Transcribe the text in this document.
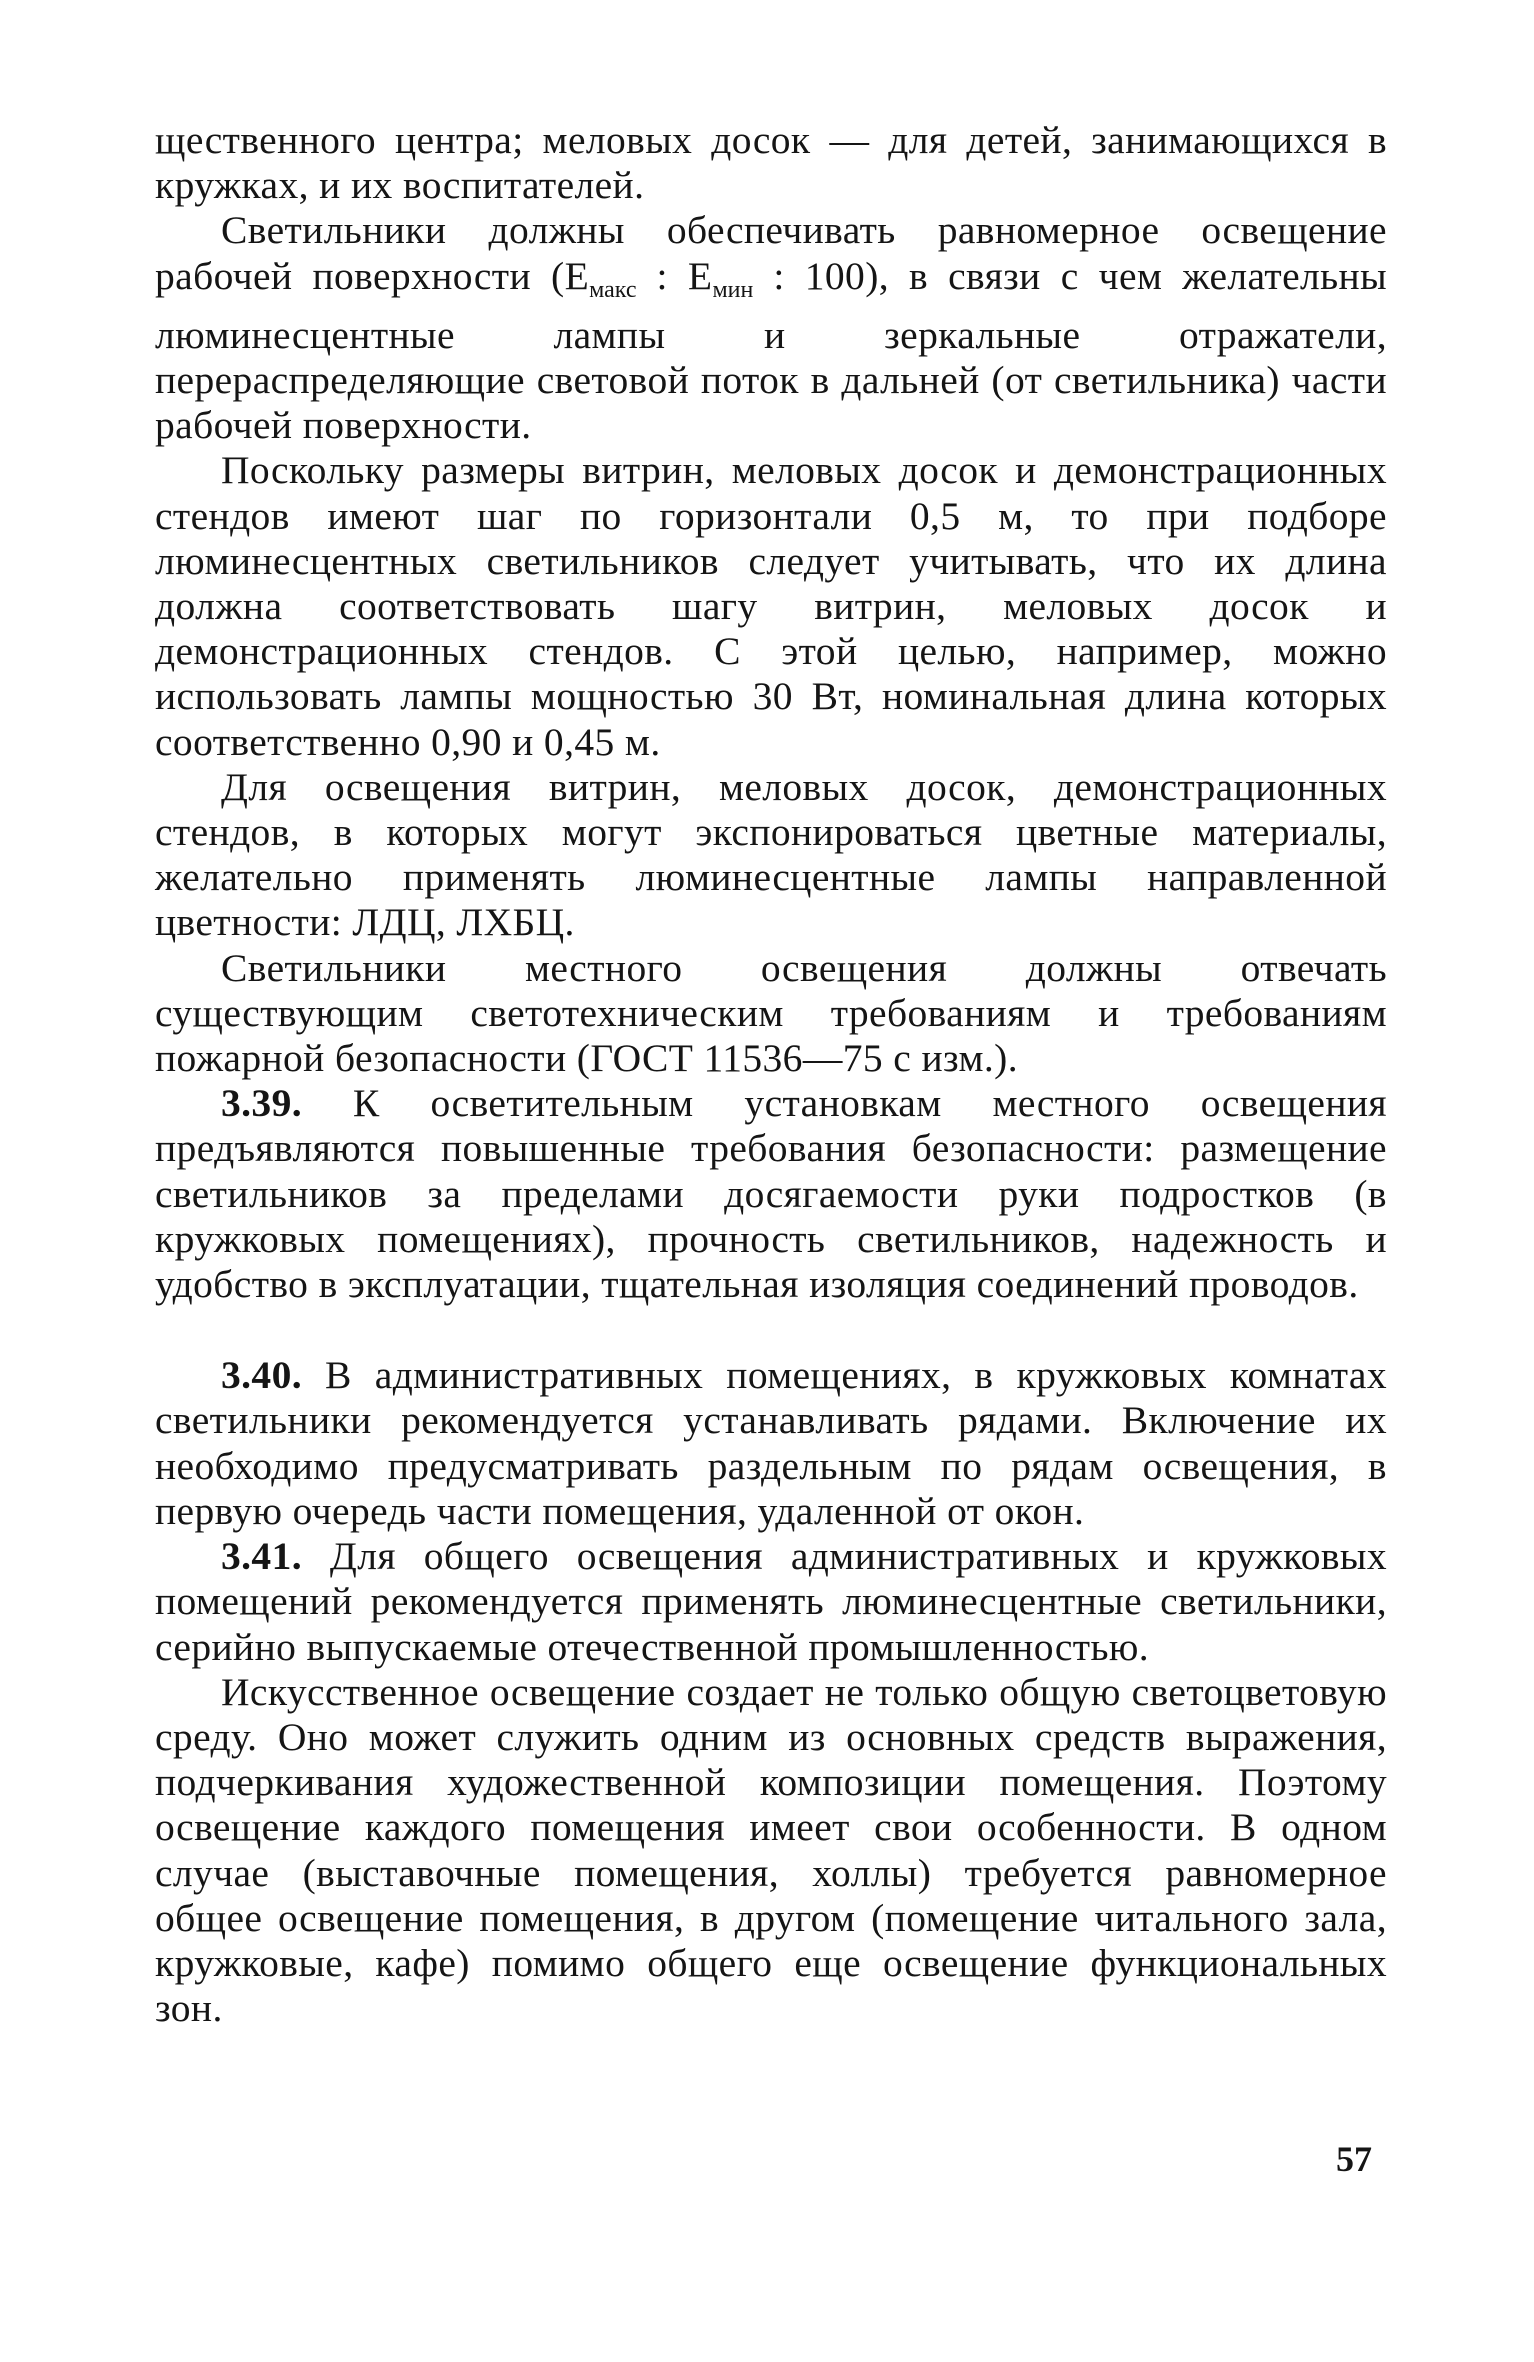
щественного центра; меловых досок — для детей, занимающихся в кружках, и их воспитателей.

Светильники должны обеспечивать равномерное освещение рабочей поверхности ($E_{макс}$ : $E_{мин}$ : 100), в связи с чем желательны люминесцентные лампы и зеркальные отражатели, перераспределяющие световой поток в дальней (от светильника) части рабочей поверхности.

Поскольку размеры витрин, меловых досок и демонстрационных стендов имеют шаг по горизонтали 0,5 м, то при подборе люминесцентных светильников следует учитывать, что их длина должна соответствовать шагу витрин, меловых досок и демонстрационных стендов. С этой целью, например, можно использовать лампы мощностью 30 Вт, номинальная длина которых соответственно 0,90 и 0,45 м.

Для освещения витрин, меловых досок, демонстрационных стендов, в которых могут экспонироваться цветные материалы, желательно применять люминесцентные лампы направленной цветности: ЛДЦ, ЛХБЦ.

Светильники местного освещения должны отвечать существующим светотехническим требованиям и требованиям пожарной безопасности (ГОСТ 11536—75 с изм.).

3.39. К осветительным установкам местного освещения предъявляются повышенные требования безопасности: размещение светильников за пределами досягаемости руки подростков (в кружковых помещениях), прочность светильников, надежность и удобство в эксплуатации, тщательная изоляция соединений проводов.

3.40. В административных помещениях, в кружковых комнатах светильники рекомендуется устанавливать рядами. Включение их необходимо предусматривать раздельным по рядам освещения, в первую очередь части помещения, удаленной от окон.

3.41. Для общего освещения административных и кружковых помещений рекомендуется применять люминесцентные светильники, серийно выпускаемые отечественной промышленностью.

Искусственное освещение создает не только общую светоцветовую среду. Оно может служить одним из основных средств выражения, подчеркивания художественной композиции помещения. Поэтому освещение каждого помещения имеет свои особенности. В одном случае (выставочные помещения, холлы) требуется равномерное общее освещение помещения, в другом (помещение читального зала, кружковые, кафе) помимо общего еще освещение функциональных зон.

57
